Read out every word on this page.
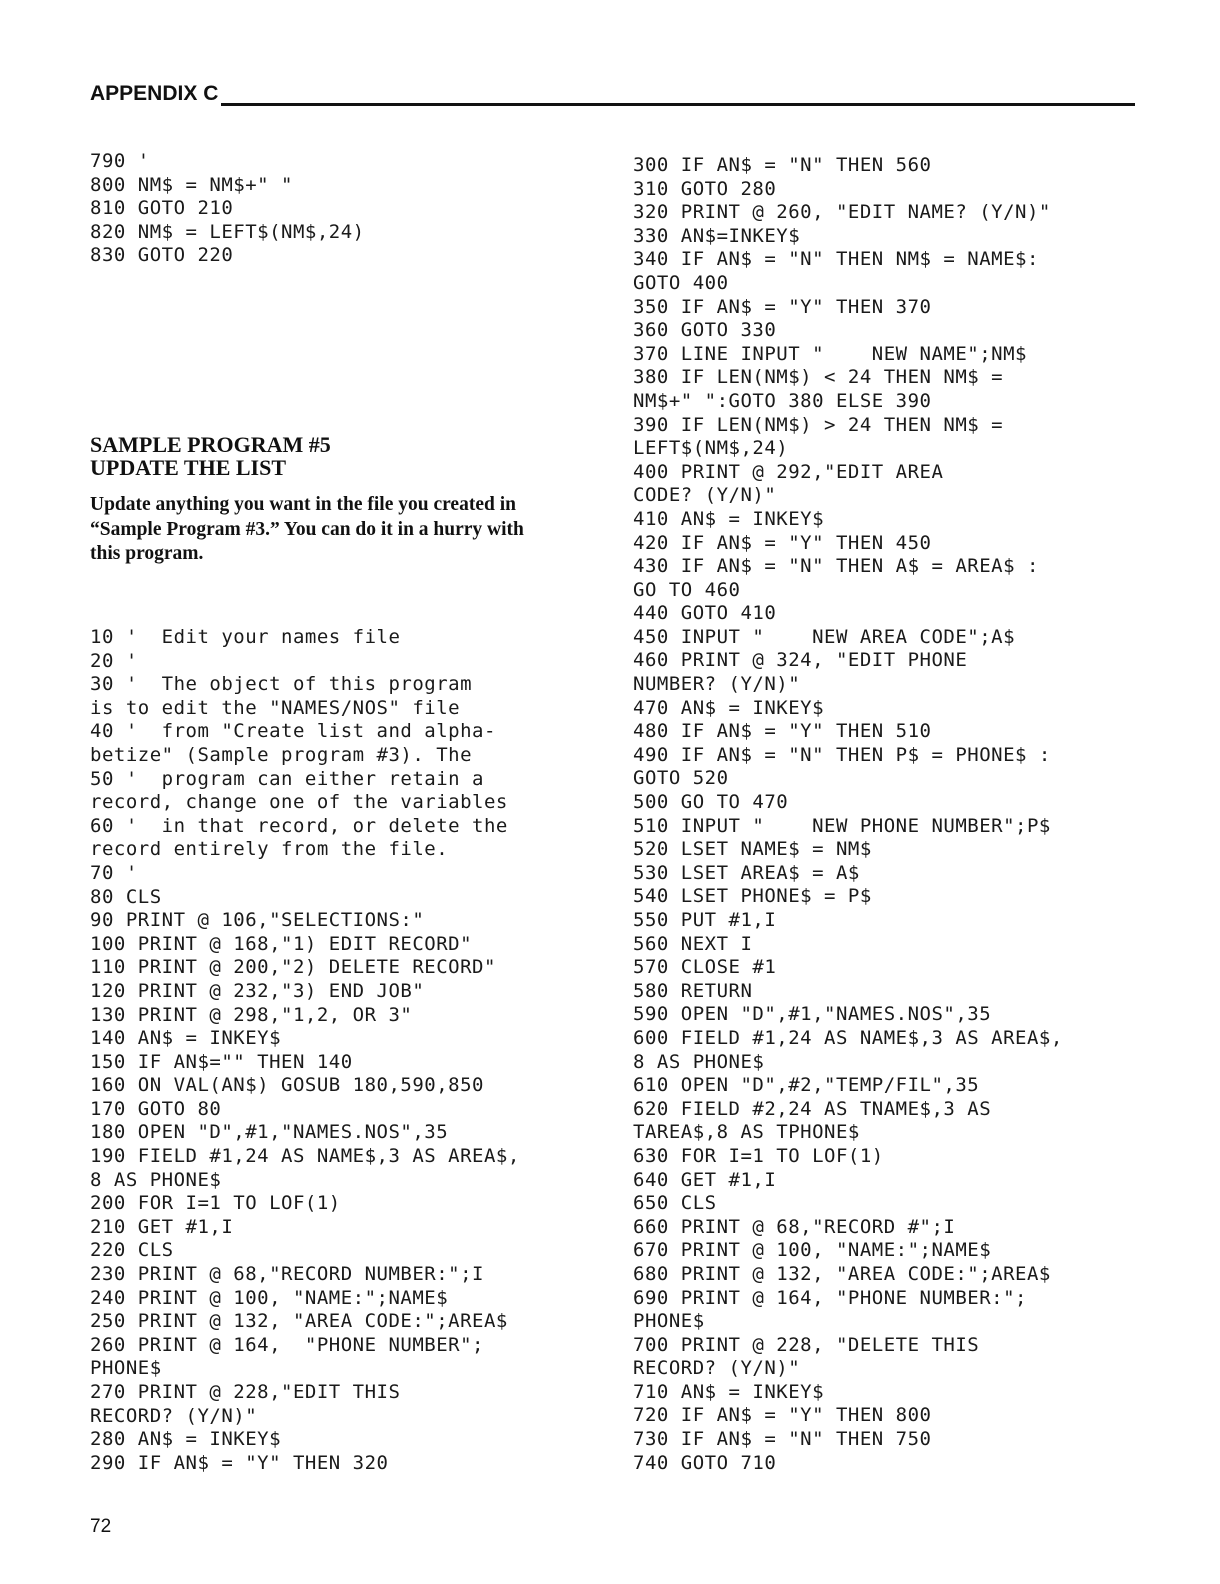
APPENDIX C
790 '
800 NM$ = NM$+" "
810 GOTO 210
820 NM$ = LEFT$(NM$,24)
830 GOTO 220
SAMPLE PROGRAM #5
UPDATE THE LIST
Update anything you want in the file you created in
“Sample Program #3.” You can do it in a hurry with
this program.
10 '  Edit your names file
20 '
30 '  The object of this program
is to edit the "NAMES/NOS" file
40 '  from "Create list and alpha-
betize" (Sample program #3). The
50 '  program can either retain a
record, change one of the variables
60 '  in that record, or delete the
record entirely from the file.
70 '
80 CLS
90 PRINT @ 106,"SELECTIONS:"
100 PRINT @ 168,"1) EDIT RECORD"
110 PRINT @ 200,"2) DELETE RECORD"
120 PRINT @ 232,"3) END JOB"
130 PRINT @ 298,"1,2, OR 3"
140 AN$ = INKEY$
150 IF AN$="" THEN 140
160 ON VAL(AN$) GOSUB 180,590,850
170 GOTO 80
180 OPEN "D",#1,"NAMES.NOS",35
190 FIELD #1,24 AS NAME$,3 AS AREA$,
8 AS PHONE$
200 FOR I=1 TO LOF(1)
210 GET #1,I
220 CLS
230 PRINT @ 68,"RECORD NUMBER:";I
240 PRINT @ 100, "NAME:";NAME$
250 PRINT @ 132, "AREA CODE:";AREA$
260 PRINT @ 164,  "PHONE NUMBER";
PHONE$
270 PRINT @ 228,"EDIT THIS
RECORD? (Y/N)"
280 AN$ = INKEY$
290 IF AN$ = "Y" THEN 320
300 IF AN$ = "N" THEN 560
310 GOTO 280
320 PRINT @ 260, "EDIT NAME? (Y/N)"
330 AN$=INKEY$
340 IF AN$ = "N" THEN NM$ = NAME$:
GOTO 400
350 IF AN$ = "Y" THEN 370
360 GOTO 330
370 LINE INPUT "    NEW NAME";NM$
380 IF LEN(NM$) < 24 THEN NM$ =
NM$+" ":GOTO 380 ELSE 390
390 IF LEN(NM$) > 24 THEN NM$ =
LEFT$(NM$,24)
400 PRINT @ 292,"EDIT AREA
CODE? (Y/N)"
410 AN$ = INKEY$
420 IF AN$ = "Y" THEN 450
430 IF AN$ = "N" THEN A$ = AREA$ :
GO TO 460
440 GOTO 410
450 INPUT "    NEW AREA CODE";A$
460 PRINT @ 324, "EDIT PHONE
NUMBER? (Y/N)"
470 AN$ = INKEY$
480 IF AN$ = "Y" THEN 510
490 IF AN$ = "N" THEN P$ = PHONE$ :
GOTO 520
500 GO TO 470
510 INPUT "    NEW PHONE NUMBER";P$
520 LSET NAME$ = NM$
530 LSET AREA$ = A$
540 LSET PHONE$ = P$
550 PUT #1,I
560 NEXT I
570 CLOSE #1
580 RETURN
590 OPEN "D",#1,"NAMES.NOS",35
600 FIELD #1,24 AS NAME$,3 AS AREA$,
8 AS PHONE$
610 OPEN "D",#2,"TEMP/FIL",35
620 FIELD #2,24 AS TNAME$,3 AS
TAREA$,8 AS TPHONE$
630 FOR I=1 TO LOF(1)
640 GET #1,I
650 CLS
660 PRINT @ 68,"RECORD #";I
670 PRINT @ 100, "NAME:";NAME$
680 PRINT @ 132, "AREA CODE:";AREA$
690 PRINT @ 164, "PHONE NUMBER:";
PHONE$
700 PRINT @ 228, "DELETE THIS
RECORD? (Y/N)"
710 AN$ = INKEY$
720 IF AN$ = "Y" THEN 800
730 IF AN$ = "N" THEN 750
740 GOTO 710
72
